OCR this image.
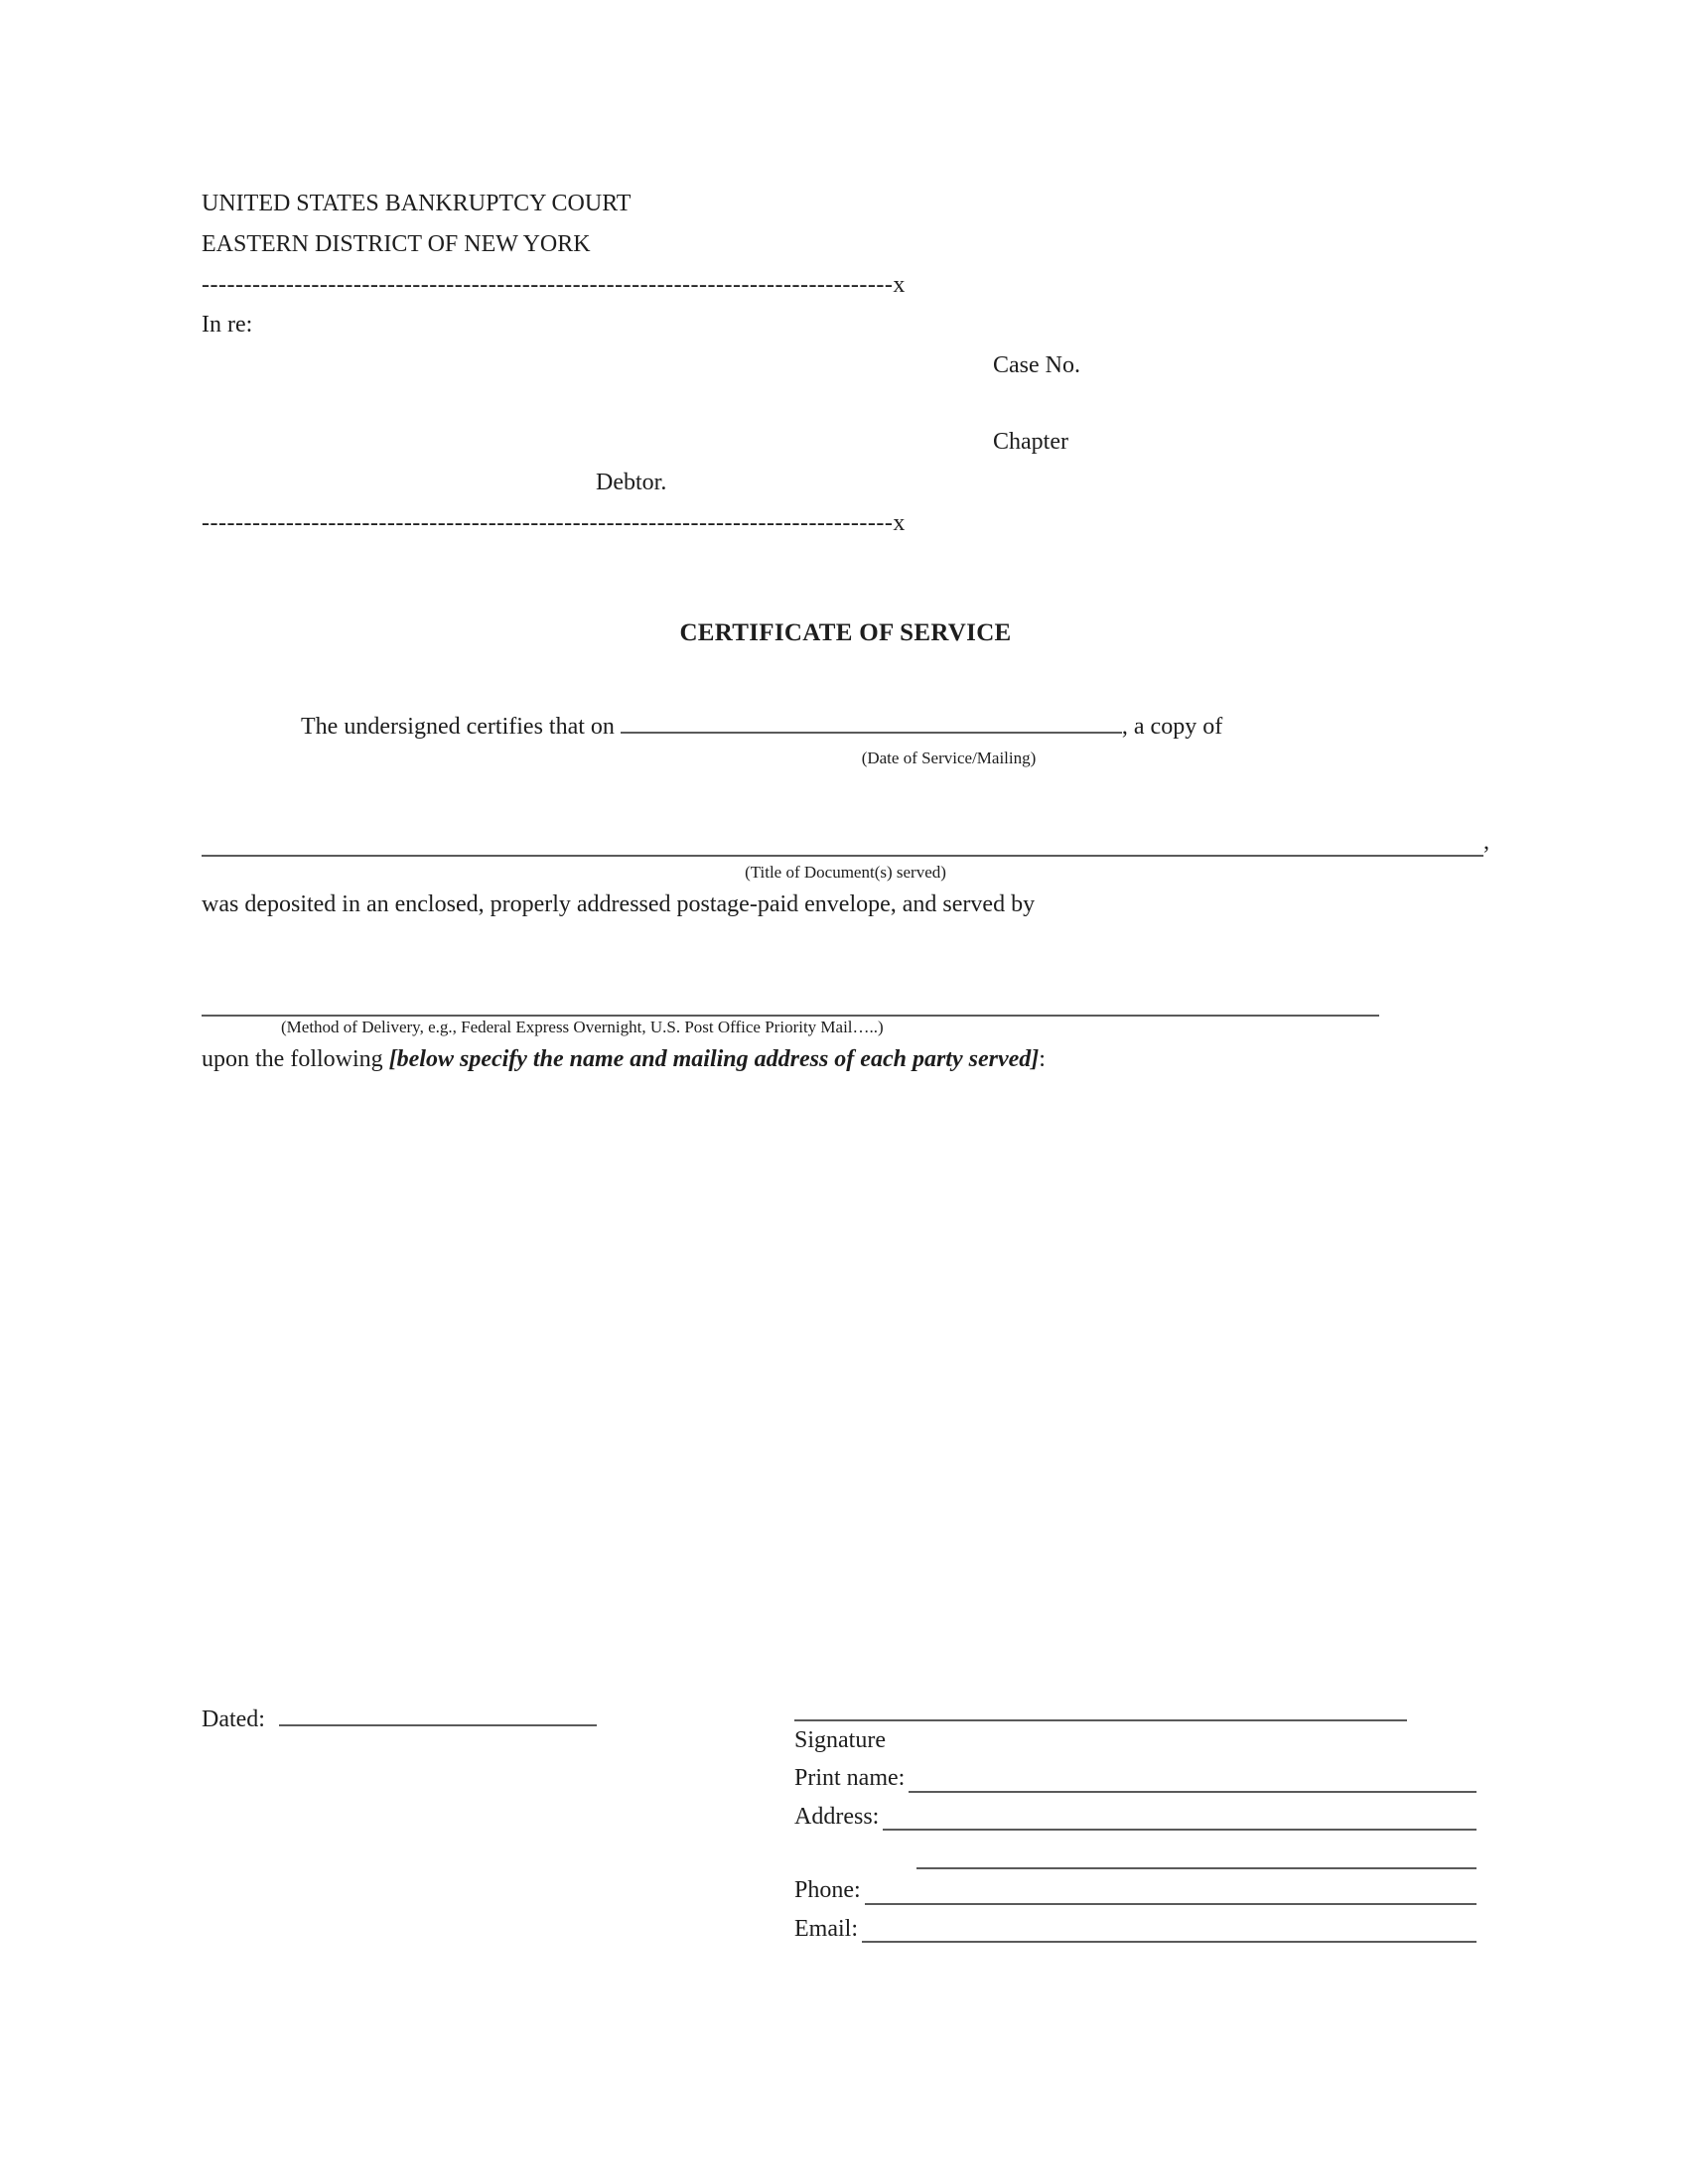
UNITED STATES BANKRUPTCY COURT
EASTERN DISTRICT OF NEW YORK
----------------------------------------------------------------------------------x
In re:
Case No.
Chapter
Debtor.
----------------------------------------------------------------------------------x
CERTIFICATE OF SERVICE
The undersigned certifies that on	, a copy of
(Date of Service/Mailing)
,
(Title of Document(s) served)
was deposited in an enclosed, properly addressed postage-paid envelope, and served by
(Method of Delivery, e.g., Federal Express Overnight, U.S. Post Office Priority Mail…..)
upon the following [below specify the name and mailing address of each party served]:
Dated:
Signature
Print name:
Address:
Phone:
Email:
